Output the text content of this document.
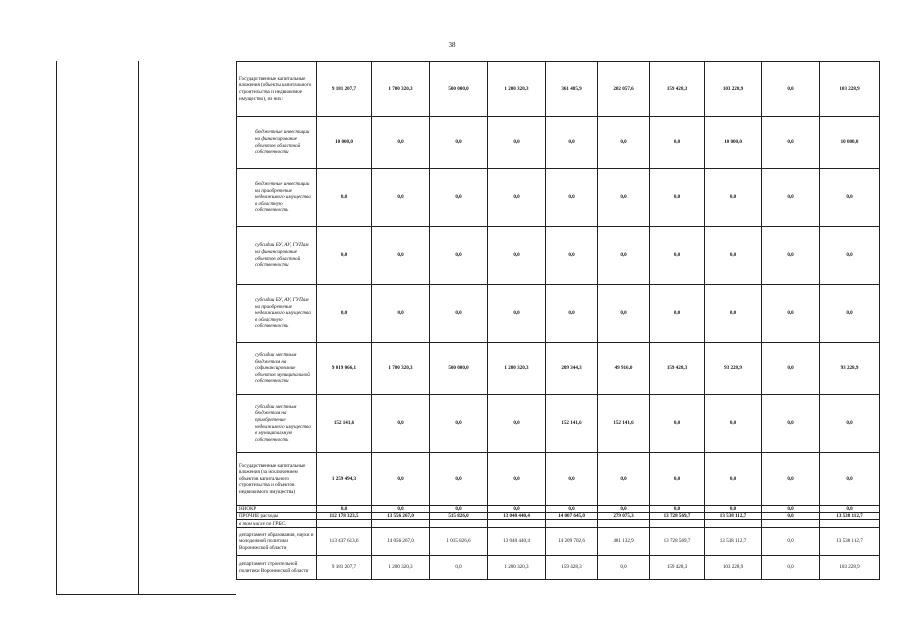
38
Государственные капитальные вложения (объекты капитального строительства и недвижимое имущество), из них:	9 181 207,7	1 700 320,3	500 000,0	1 200 320,3	361 485,9	202 057,6	159 428,3	103 228,9	0,0	103 228,9
бюджетные инвестиции на финансирование объектов областной собственности	10 000,0	0,0	0,0	0,0	0,0	0,0	0,0	10 000,0	0,0	10 000,0
бюджетные инвестиции на приобретение недвижимого имущества в областную собственность	0,0	0,0	0,0	0,0	0,0	0,0	0,0	0,0	0,0	0,0
субсидии БУ, АУ, ГУПам на финансирование объектов областной собственности	0,0	0,0	0,0	0,0	0,0	0,0	0,0	0,0	0,0	0,0
субсидии БУ, АУ, ГУПам на приобретение недвижимого имущества в областную собственность	0,0	0,0	0,0	0,0	0,0	0,0	0,0	0,0	0,0	0,0
субсидии местным бюджетам на софинансирование объектов муниципальной собственности	9 019 066,1	1 700 320,3	500 000,0	1 200 320,3	209 344,3	49 916,0	159 428,3	93 228,9	0,0	93 228,9
субсидии местным бюджетам на приобретение недвижимого имущества в муниципальную собственность	152 141,6	0,0	0,0	0,0	152 141,6	152 141,6	0,0	0,0	0,0	0,0
Государственные капитальные вложения (за исключением объектов капитального строительства и объектов недвижимого имущества)	1 259 494,3	0,0	0,0	0,0	0,0	0,0	0,0	0,0	0,0	0,0
НИОКР	0,0	0,0	0,0	0,0	0,0	0,0	0,0	0,0	0,0	0,0
ПРОЧИЕ расходы	112 178 323,5	13 556 267,0	515 826,0	13 040 440,4	14 007 645,0	279 075,3	13 728 569,7	13 538 112,7	0,0	13 538 112,7
в том числе по ГРБС:										
департамент образования, науки и молодежной политики Воронежской области	113 437 613,6	14 056 267,0	1 015 826,6	13 040 440,4	14 209 702,6	481 132,9	13 728 569,7	13 538 112,7	0,0	13 538 112,7
департамент строительной политики Воронежской области	9 181 207,7	1 200 320,3	0,0	1 200 320,3	159 428,3	0,0	159 428,3	103 228,9	0,0	103 228,9
